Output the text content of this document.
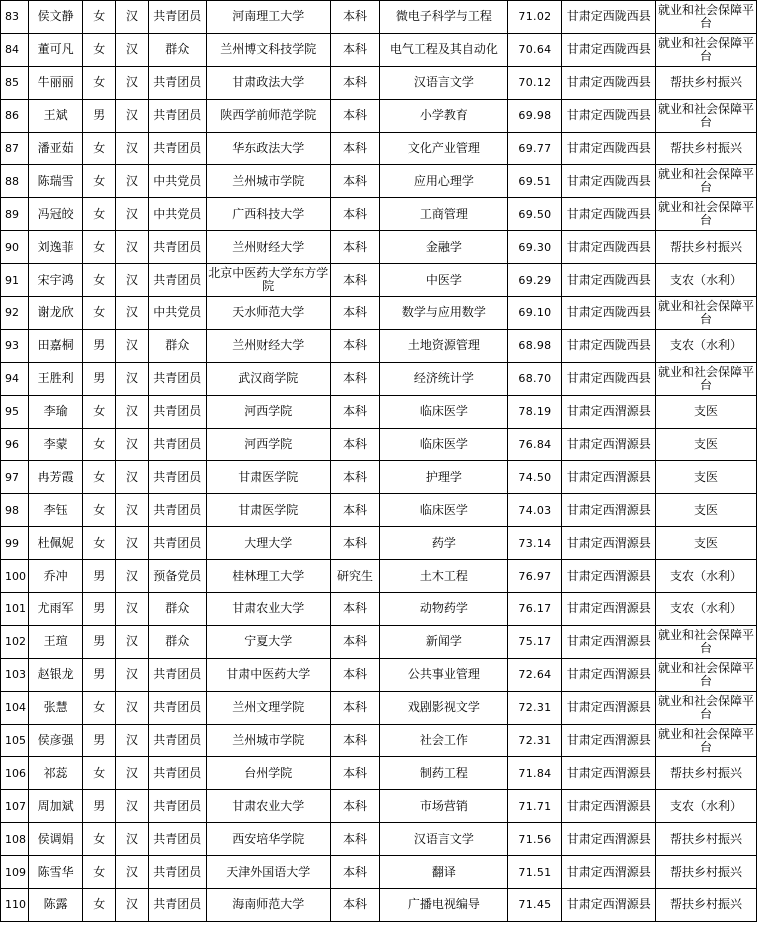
83	侯文静	女	汉	共青团员	河南理工大学	本科	微电子科学与工程	71.02	甘肃定西陇西县	就业和社会保障平台
84	董可凡	女	汉	群众	兰州博文科技学院	本科	电气工程及其自动化	70.64	甘肃定西陇西县	就业和社会保障平台
85	牛丽丽	女	汉	共青团员	甘肃政法大学	本科	汉语言文学	70.12	甘肃定西陇西县	帮扶乡村振兴
86	王斌	男	汉	共青团员	陕西学前师范学院	本科	小学教育	69.98	甘肃定西陇西县	就业和社会保障平台
87	潘亚茹	女	汉	共青团员	华东政法大学	本科	文化产业管理	69.77	甘肃定西陇西县	帮扶乡村振兴
88	陈瑞雪	女	汉	中共党员	兰州城市学院	本科	应用心理学	69.51	甘肃定西陇西县	就业和社会保障平台
89	冯冠皎	女	汉	中共党员	广西科技大学	本科	工商管理	69.50	甘肃定西陇西县	就业和社会保障平台
90	刘逸菲	女	汉	共青团员	兰州财经大学	本科	金融学	69.30	甘肃定西陇西县	帮扶乡村振兴
91	宋宇鸿	女	汉	共青团员	北京中医药大学东方学院	本科	中医学	69.29	甘肃定西陇西县	支农（水利）
92	谢龙欣	女	汉	中共党员	天水师范大学	本科	数学与应用数学	69.10	甘肃定西陇西县	就业和社会保障平台
93	田嘉桐	男	汉	群众	兰州财经大学	本科	土地资源管理	68.98	甘肃定西陇西县	支农（水利）
94	王胜利	男	汉	共青团员	武汉商学院	本科	经济统计学	68.70	甘肃定西陇西县	就业和社会保障平台
95	李瑜	女	汉	共青团员	河西学院	本科	临床医学	78.19	甘肃定西渭源县	支医
96	李蒙	女	汉	共青团员	河西学院	本科	临床医学	76.84	甘肃定西渭源县	支医
97	冉芳霞	女	汉	共青团员	甘肃医学院	本科	护理学	74.50	甘肃定西渭源县	支医
98	李钰	女	汉	共青团员	甘肃医学院	本科	临床医学	74.03	甘肃定西渭源县	支医
99	杜佩妮	女	汉	共青团员	大理大学	本科	药学	73.14	甘肃定西渭源县	支医
100	乔冲	男	汉	预备党员	桂林理工大学	研究生	土木工程	76.97	甘肃定西渭源县	支农（水利）
101	尤雨军	男	汉	群众	甘肃农业大学	本科	动物药学	76.17	甘肃定西渭源县	支农（水利）
102	王瑄	男	汉	群众	宁夏大学	本科	新闻学	75.17	甘肃定西渭源县	就业和社会保障平台
103	赵银龙	男	汉	共青团员	甘肃中医药大学	本科	公共事业管理	72.64	甘肃定西渭源县	就业和社会保障平台
104	张慧	女	汉	共青团员	兰州文理学院	本科	戏剧影视文学	72.31	甘肃定西渭源县	就业和社会保障平台
105	侯彦强	男	汉	共青团员	兰州城市学院	本科	社会工作	72.31	甘肃定西渭源县	就业和社会保障平台
106	祁蕊	女	汉	共青团员	台州学院	本科	制药工程	71.84	甘肃定西渭源县	帮扶乡村振兴
107	周加斌	男	汉	共青团员	甘肃农业大学	本科	市场营销	71.71	甘肃定西渭源县	支农（水利）
108	侯调娟	女	汉	共青团员	西安培华学院	本科	汉语言文学	71.56	甘肃定西渭源县	帮扶乡村振兴
109	陈雪华	女	汉	共青团员	天津外国语大学	本科	翻译	71.51	甘肃定西渭源县	帮扶乡村振兴
110	陈露	女	汉	共青团员	海南师范大学	本科	广播电视编导	71.45	甘肃定西渭源县	帮扶乡村振兴
